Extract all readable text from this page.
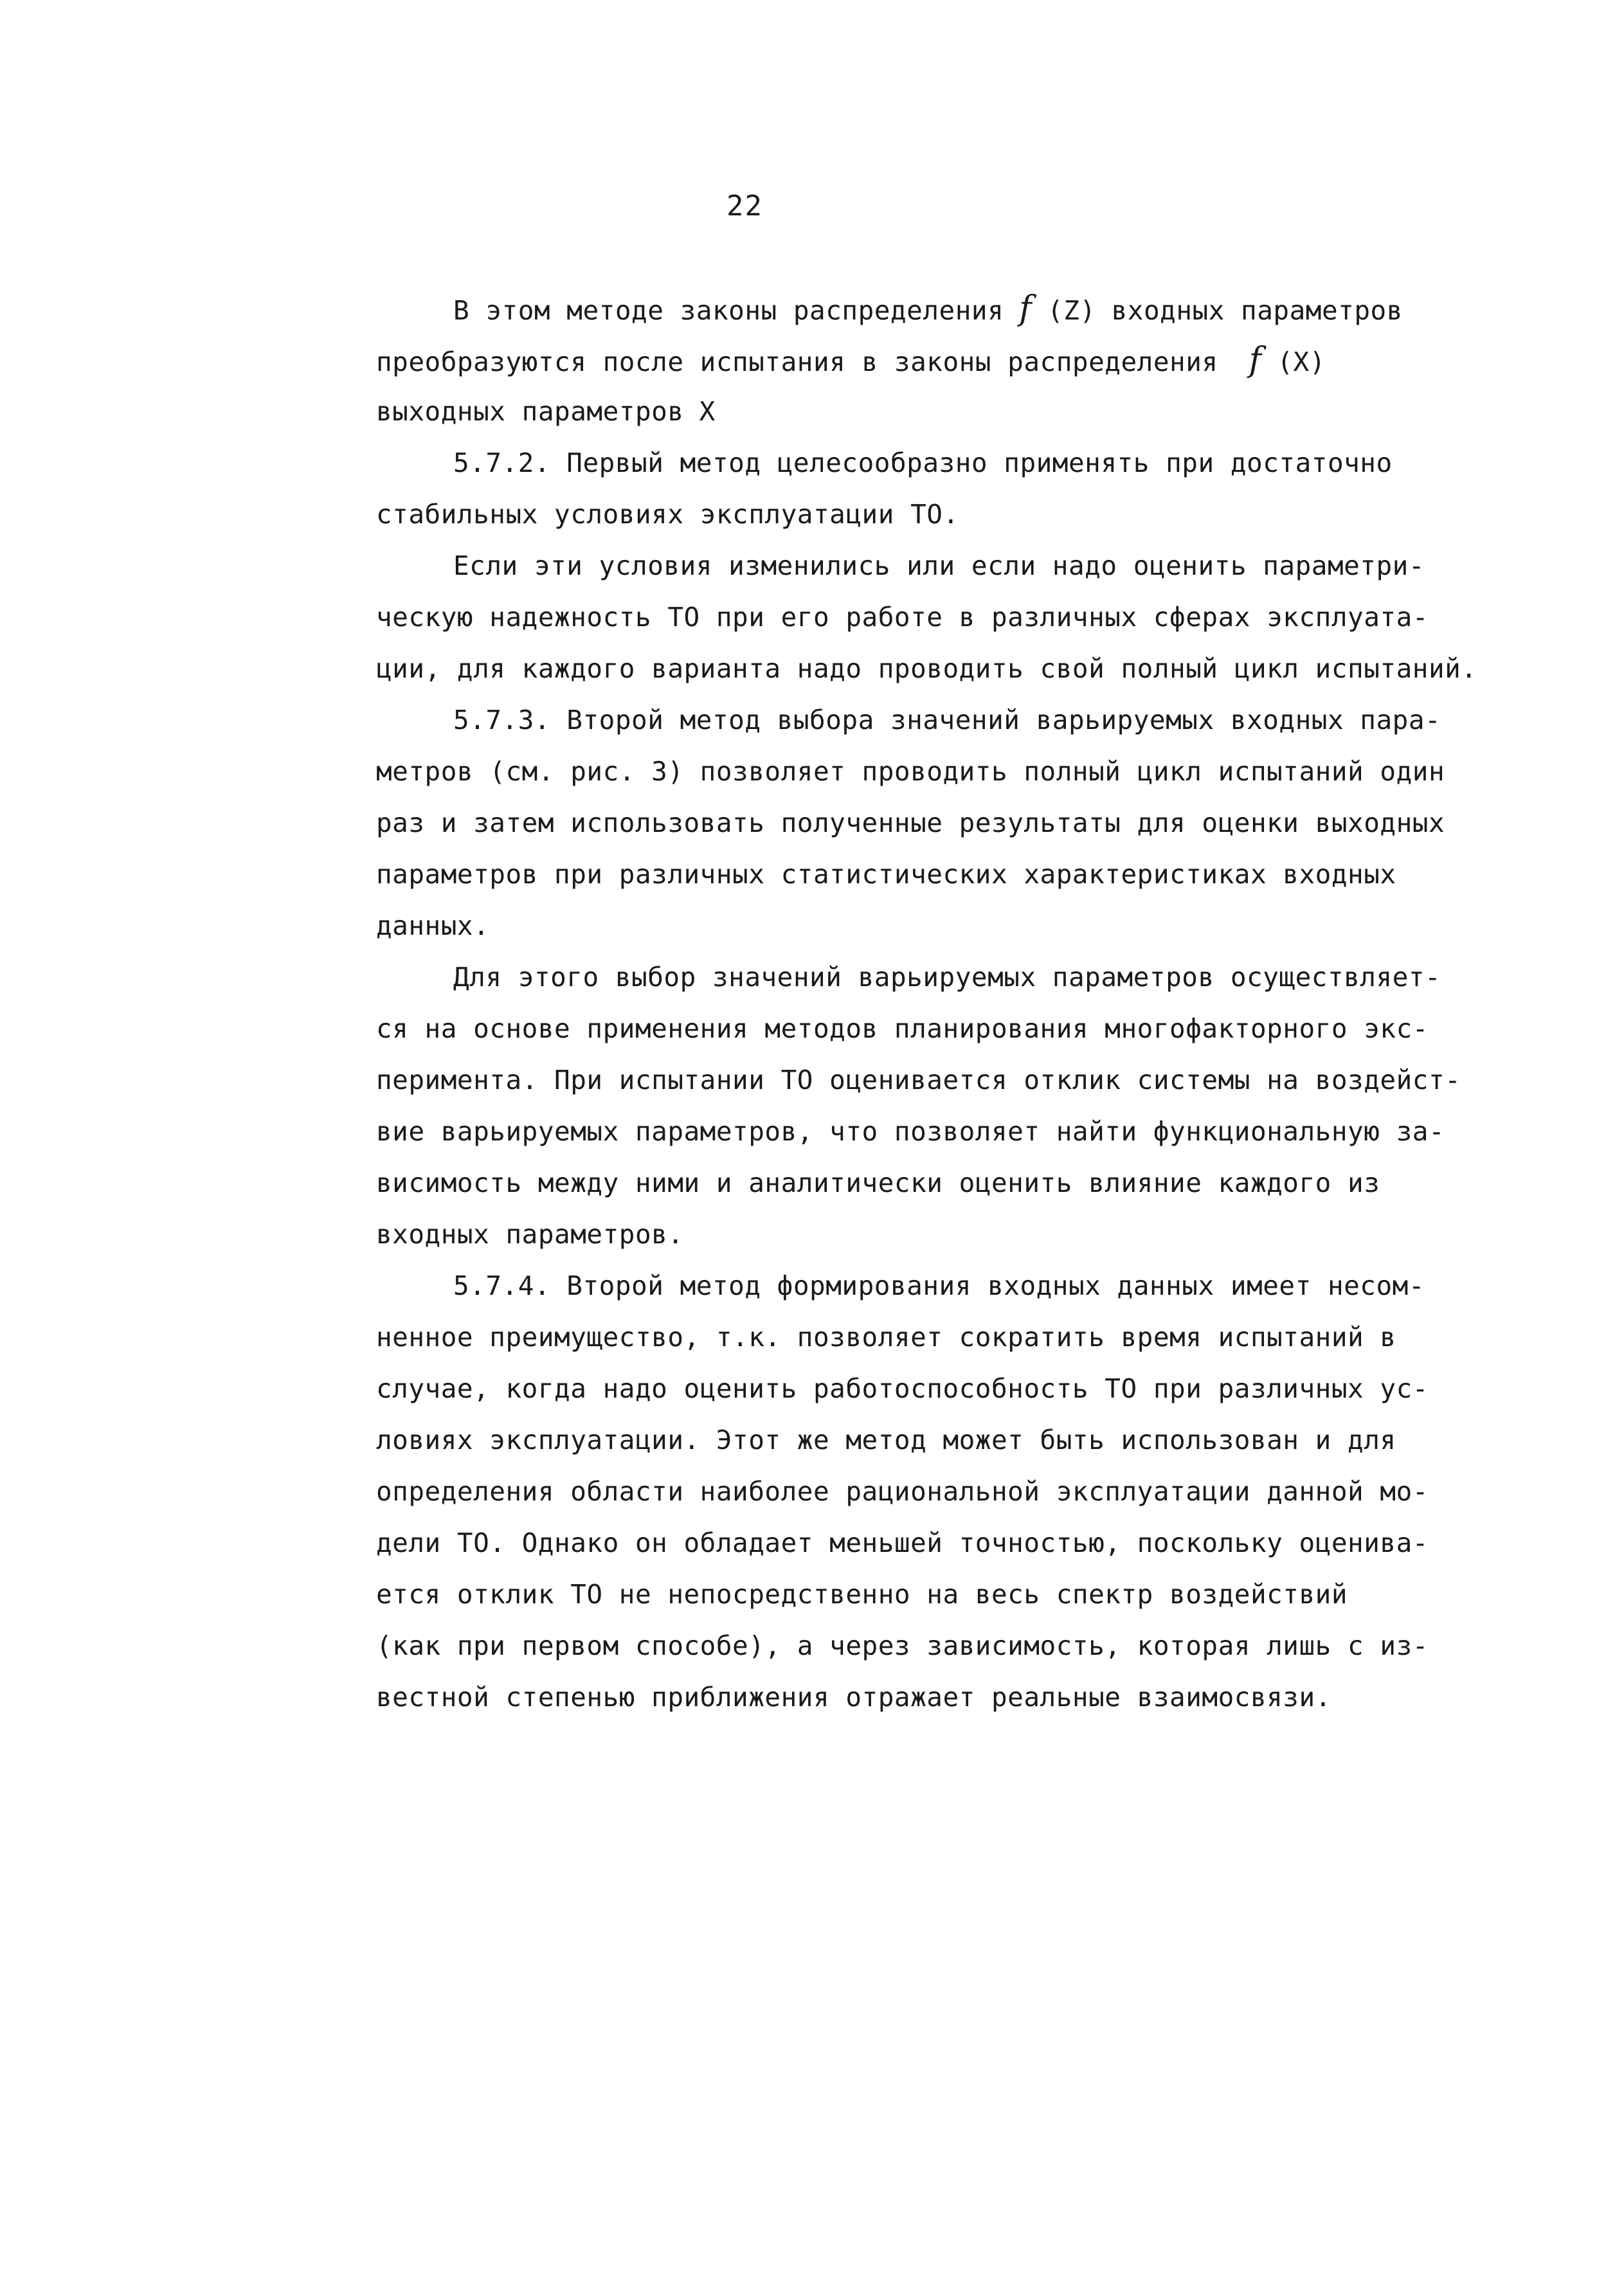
22
В этом методе законы распределения f (Z) входных параметров
преобразуются после испытания в законы распределения f (X)
выходных параметров X
5.7.2. Первый метод целесообразно применять при достаточно
стабильных условиях эксплуатации ТО.
Если эти условия изменились или если надо оценить параметри-
ческую надежность ТО при его работе в различных сферах эксплуата-
ции, для каждого варианта надо проводить свой полный цикл испытаний.
5.7.3. Второй метод выбора значений варьируемых входных пара-
метров (см. рис. 3) позволяет проводить полный цикл испытаний один
раз и затем использовать полученные результаты для оценки выходных
параметров при различных статистических характеристиках входных
данных.
Для этого выбор значений варьируемых параметров осуществляет-
ся на основе применения методов планирования многофакторного экс-
перимента. При испытании ТО оценивается отклик системы на воздейст-
вие варьируемых параметров, что позволяет найти функциональную за-
висимость между ними и аналитически оценить влияние каждого из
входных параметров.
5.7.4. Второй метод формирования входных данных имеет несом-
ненное преимущество, т.к. позволяет сократить время испытаний в
случае, когда надо оценить работоспособность ТО при различных ус-
ловиях эксплуатации. Этот же метод может быть использован и для
определения области наиболее рациональной эксплуатации данной мо-
дели ТО. Однако он обладает меньшей точностью, поскольку оценива-
ется отклик ТО не непосредственно на весь спектр воздействий
(как при первом способе), а через зависимость, которая лишь с из-
вестной степенью приближения отражает реальные взаимосвязи.
